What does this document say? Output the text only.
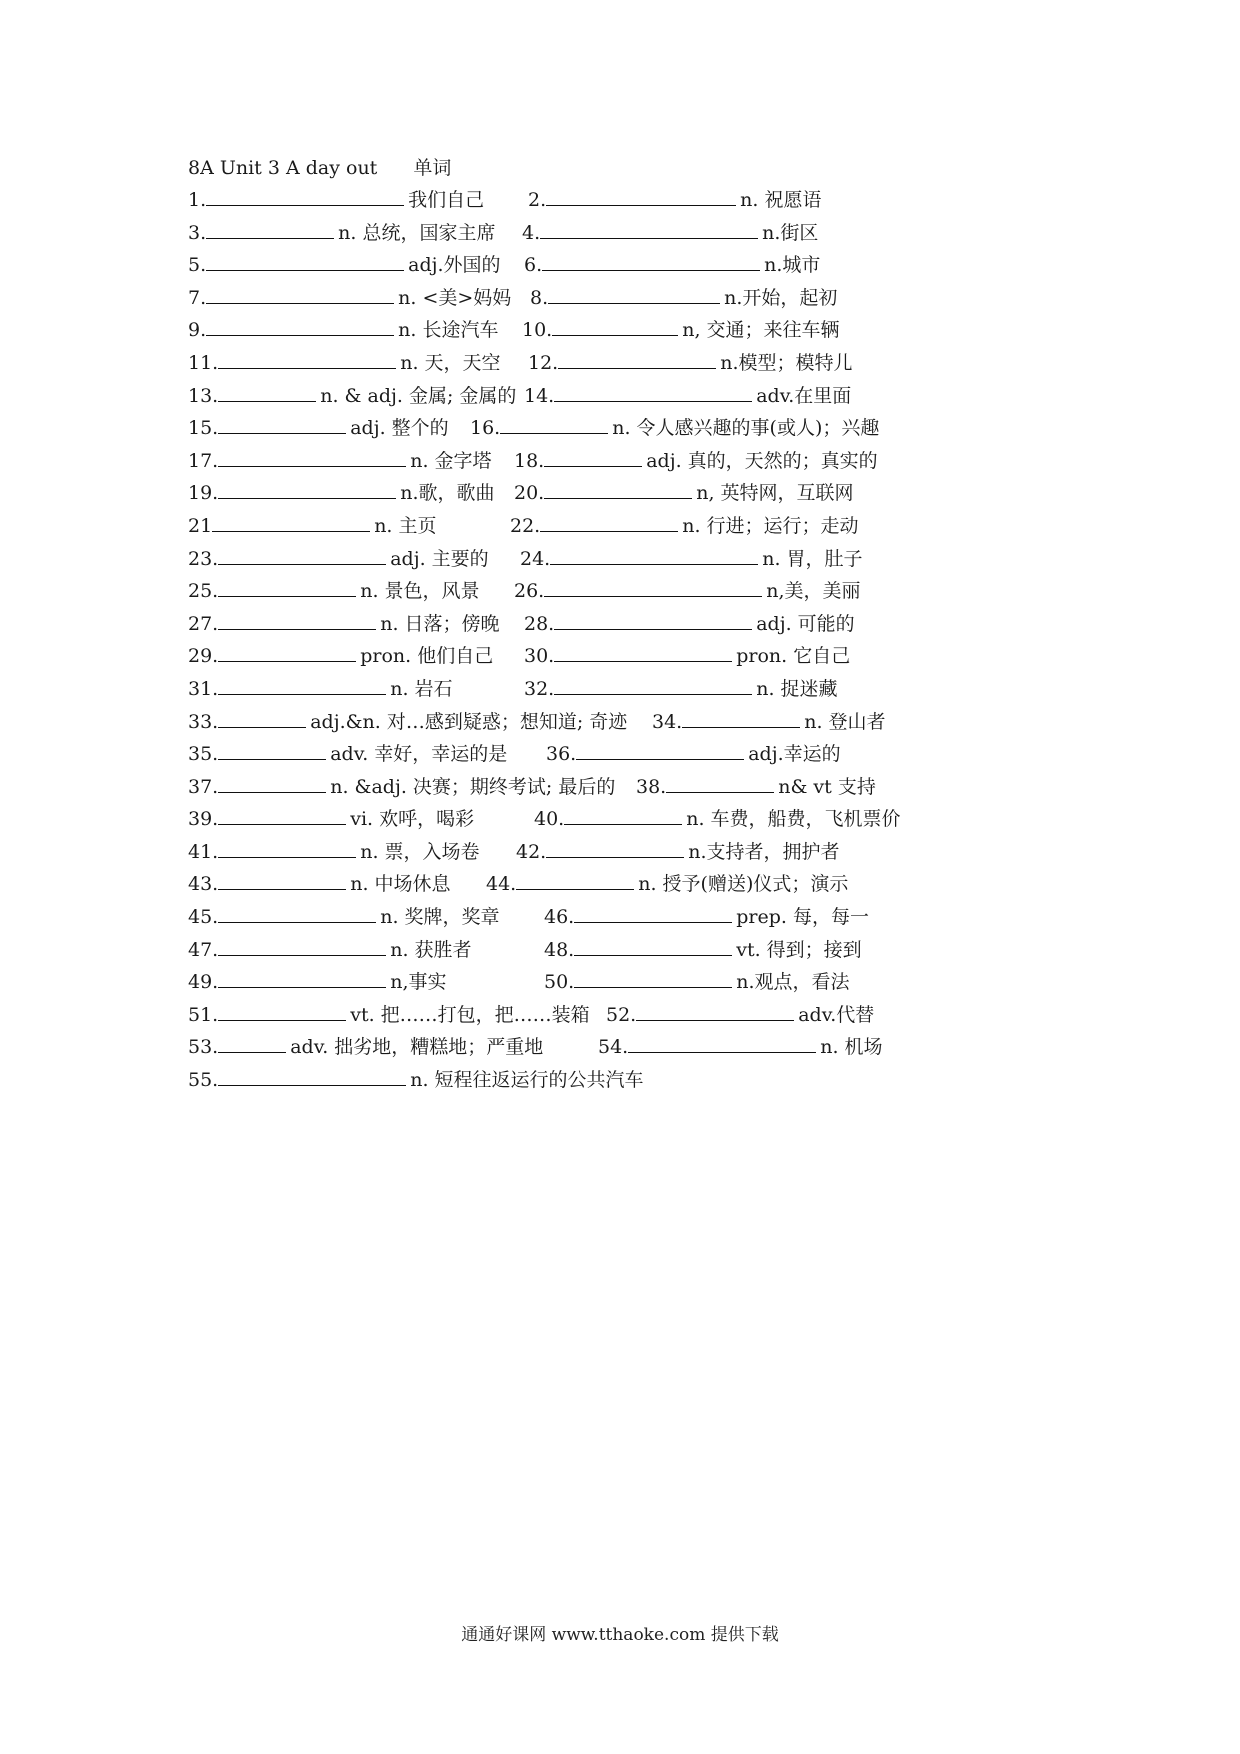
8A Unit 3 A day out 单词
1.	我们自己 2.	n. 祝愿语
3.	n. 总统，国家主席 4.	n.街区
5.	adj.外国的 6.	n.城市
7.	n. <美>妈妈 8.	n.开始，起初
9.	n. 长途汽车 10.	n, 交通；来往车辆
11.	n. 天，天空 12.	n.模型；模特儿
13.	n. & adj. 金属; 金属的 14.	adv.在里面
15.	adj. 整个的 16.	n. 令人感兴趣的事(或人)；兴趣
17.	n. 金字塔 18.	adj. 真的，天然的；真实的
19.	n.歌，歌曲 20.	n, 英特网，互联网
21	n. 主页	22.	n. 行进；运行；走动
23.	adj. 主要的 24.	n. 胃，肚子
25.	n. 景色，风景 26.	n,美，美丽
27.	n. 日落；傍晚 28.	adj. 可能的
29.	pron. 他们自己 30.	pron. 它自己
31.	n. 岩石	32.	n. 捉迷藏
33.	adj.&n. 对…感到疑惑；想知道; 奇迹 34.	n. 登山者
35.	adv. 幸好，幸运的是 36.	adj.幸运的
37.	n. &adj. 决赛；期终考试; 最后的 38.	n& vt 支持
39.	vi. 欢呼，喝彩	40.	n. 车费，船费，飞机票价
41.	n. 票，入场卷 42.	n.支持者，拥护者
43.	n. 中场休息 44.	n. 授予(赠送)仪式；演示
45.	n. 奖牌，奖章 46.	prep. 每，每一
47.	n. 获胜者	48.	vt. 得到；接到
49.	n,事实	50.	n.观点，看法
51.	vt. 把……打包，把……装箱 52.	adv.代替
53.	adv. 拙劣地，糟糕地；严重地	54.	n. 机场
55.	n. 短程往返运行的公共汽车
通通好课网 www.tthaoke.com 提供下载
